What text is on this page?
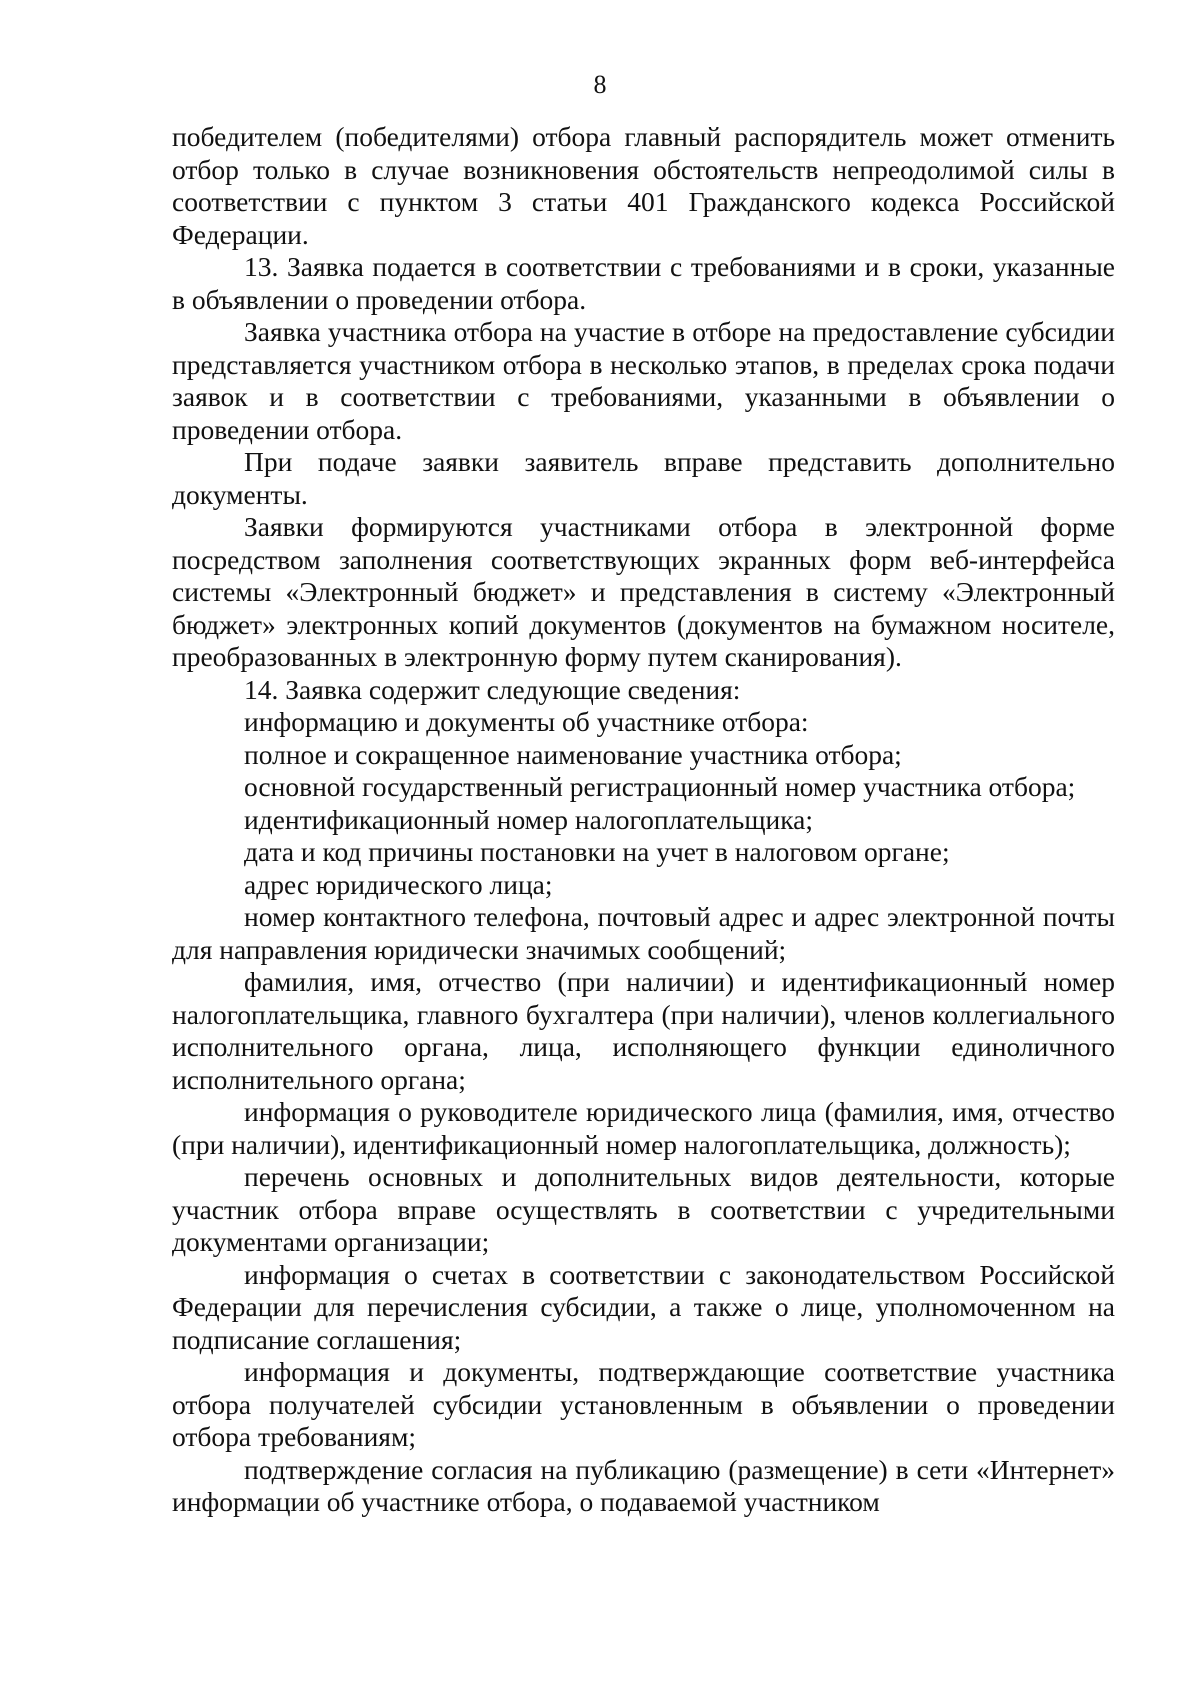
8

победителем (победителями) отбора главный распорядитель может отменить отбор только в случае возникновения обстоятельств непреодолимой силы в соответствии с пунктом 3 статьи 401 Гражданского кодекса Российской Федерации.

13. Заявка подается в соответствии с требованиями и в сроки, указанные в объявлении о проведении отбора.

Заявка участника отбора на участие в отборе на предоставление субсидии представляется участником отбора в несколько этапов, в пределах срока подачи заявок и в соответствии с требованиями, указанными в объявлении о проведении отбора.

При подаче заявки заявитель вправе представить дополнительно документы.

Заявки формируются участниками отбора в электронной форме посредством заполнения соответствующих экранных форм веб-интерфейса системы «Электронный бюджет» и представления в систему «Электронный бюджет» электронных копий документов (документов на бумажном носителе, преобразованных в электронную форму путем сканирования).

14. Заявка содержит следующие сведения:

информацию и документы об участнике отбора:

полное и сокращенное наименование участника отбора;

основной государственный регистрационный номер участника отбора;

идентификационный номер налогоплательщика;

дата и код причины постановки на учет в налоговом органе;

адрес юридического лица;

номер контактного телефона, почтовый адрес и адрес электронной почты для направления юридически значимых сообщений;

фамилия, имя, отчество (при наличии) и идентификационный номер налогоплательщика, главного бухгалтера (при наличии), членов коллегиального исполнительного органа, лица, исполняющего функции единоличного исполнительного органа;

информация о руководителе юридического лица (фамилия, имя, отчество (при наличии), идентификационный номер налогоплательщика, должность);

перечень основных и дополнительных видов деятельности, которые участник отбора вправе осуществлять в соответствии с учредительными документами организации;

информация о счетах в соответствии с законодательством Российской Федерации для перечисления субсидии, а также о лице, уполномоченном на подписание соглашения;

информация и документы, подтверждающие соответствие участника отбора получателей субсидии установленным в объявлении о проведении отбора требованиям;

подтверждение согласия на публикацию (размещение) в сети «Интернет» информации об участнике отбора, о подаваемой участником
